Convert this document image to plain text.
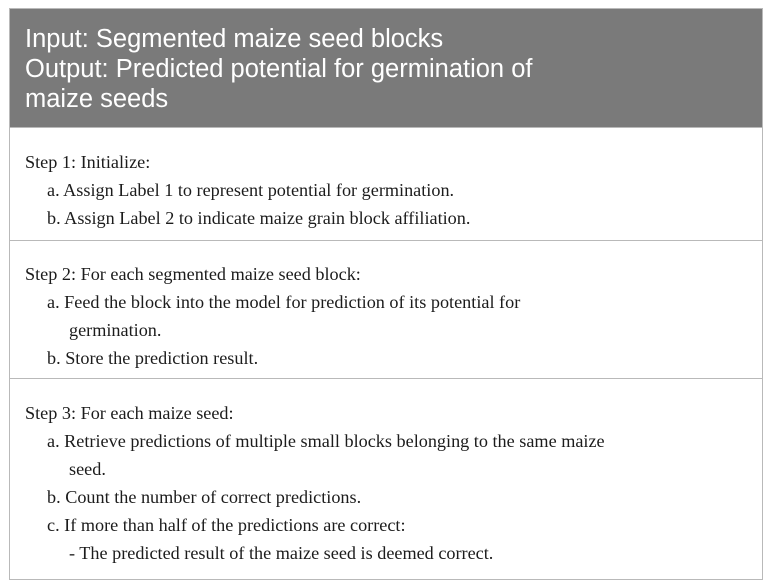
Input: Segmented maize seed blocks
Output: Predicted potential for germination of
maize seeds
Step 1: Initialize:
a. Assign Label 1 to represent potential for germination.
b. Assign Label 2 to indicate maize grain block affiliation.
Step 2: For each segmented maize seed block:
a. Feed the block into the model for prediction of its potential for
germination.
b. Store the prediction result.
Step 3: For each maize seed:
a. Retrieve predictions of multiple small blocks belonging to the same maize
seed.
b. Count the number of correct predictions.
c. If more than half of the predictions are correct:
- The predicted result of the maize seed is deemed correct.
